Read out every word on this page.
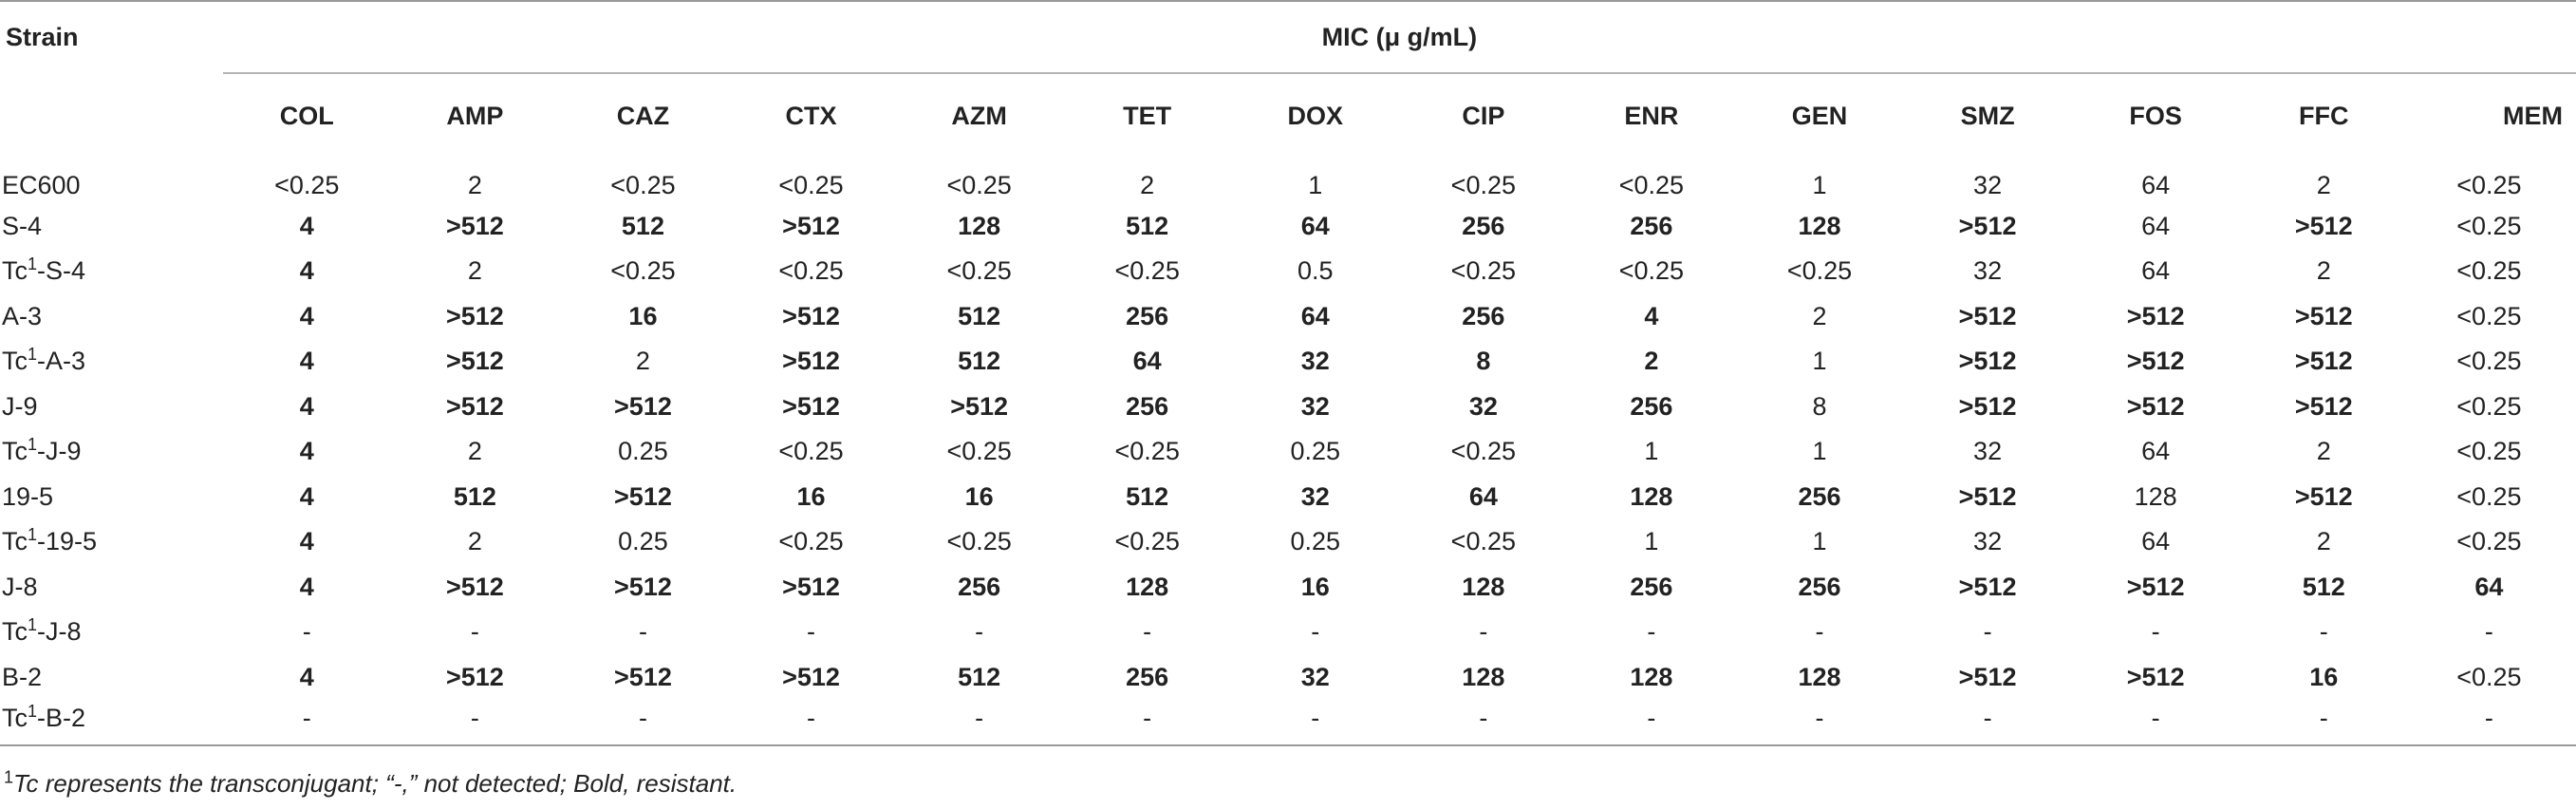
Strain	MIC (μ g/mL)													
	COL	AMP	CAZ	CTX	AZM	TET	DOX	CIP	ENR	GEN	SMZ	FOS	FFC	MEM
EC600	<0.25	2	<0.25	<0.25	<0.25	2	1	<0.25	<0.25	1	32	64	2	<0.25
S-4	4	>512	512	>512	128	512	64	256	256	128	>512	64	>512	<0.25
Tc$^1$-S-4	4	2	<0.25	<0.25	<0.25	<0.25	0.5	<0.25	<0.25	<0.25	32	64	2	<0.25
A-3	4	>512	16	>512	512	256	64	256	4	2	>512	>512	>512	<0.25
Tc$^1$-A-3	4	>512	2	>512	512	64	32	8	2	1	>512	>512	>512	<0.25
J-9	4	>512	>512	>512	>512	256	32	32	256	8	>512	>512	>512	<0.25
Tc$^1$-J-9	4	2	0.25	<0.25	<0.25	<0.25	0.25	<0.25	1	1	32	64	2	<0.25
19-5	4	512	>512	16	16	512	32	64	128	256	>512	128	>512	<0.25
Tc$^1$-19-5	4	2	0.25	<0.25	<0.25	<0.25	0.25	<0.25	1	1	32	64	2	<0.25
J-8	4	>512	>512	>512	256	128	16	128	256	256	>512	>512	512	64
Tc$^1$-J-8	-	-	-	-	-	-	-	-	-	-	-	-	-	-
B-2	4	>512	>512	>512	512	256	32	128	128	128	>512	>512	16	<0.25
Tc$^1$-B-2	-	-	-	-	-	-	-	-	-	-	-	-	-	-
$^1$Tc represents the transconjugant; “-,” not detected; Bold, resistant.
